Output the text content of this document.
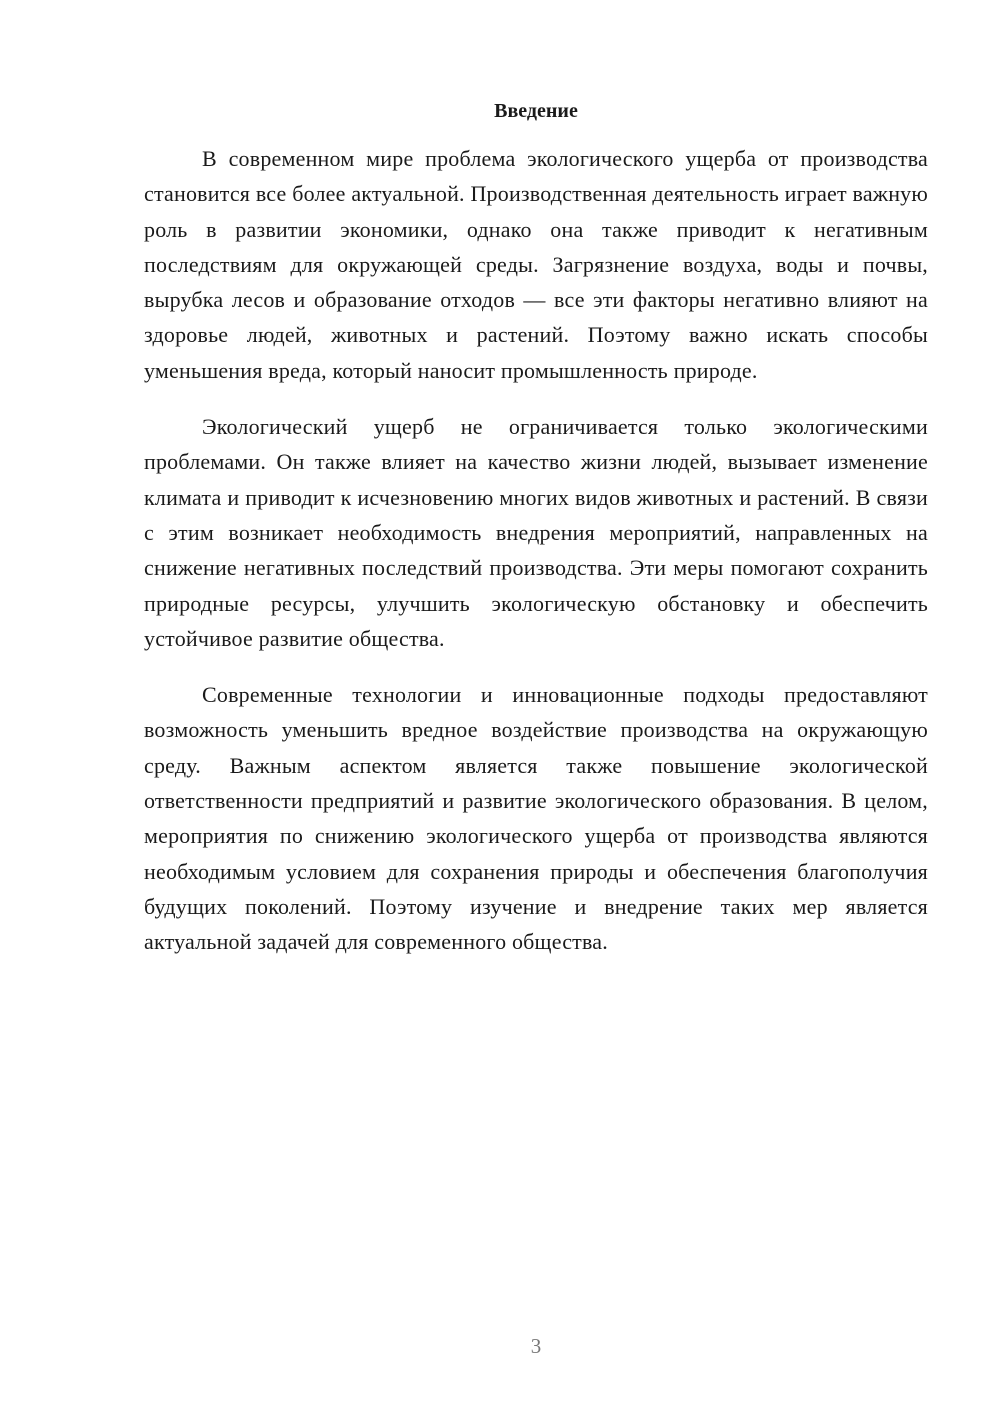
Введение

В современном мире проблема экологического ущерба от производства становится все более актуальной. Производственная деятельность играет важную роль в развитии экономики, однако она также приводит к негативным последствиям для окружающей среды. Загрязнение воздуха, воды и почвы, вырубка лесов и образование отходов — все эти факторы негативно влияют на здоровье людей, животных и растений. Поэтому важно искать способы уменьшения вреда, который наносит промышленность природе.

Экологический ущерб не ограничивается только экологическими проблемами. Он также влияет на качество жизни людей, вызывает изменение климата и приводит к исчезновению многих видов животных и растений. В связи с этим возникает необходимость внедрения мероприятий, направленных на снижение негативных последствий производства. Эти меры помогают сохранить природные ресурсы, улучшить экологическую обстановку и обеспечить устойчивое развитие общества.

Современные технологии и инновационные подходы предоставляют возможность уменьшить вредное воздействие производства на окружающую среду. Важным аспектом является также повышение экологической ответственности предприятий и развитие экологического образования. В целом, мероприятия по снижению экологического ущерба от производства являются необходимым условием для сохранения природы и обеспечения благополучия будущих поколений. Поэтому изучение и внедрение таких мер является актуальной задачей для современного общества.

3
